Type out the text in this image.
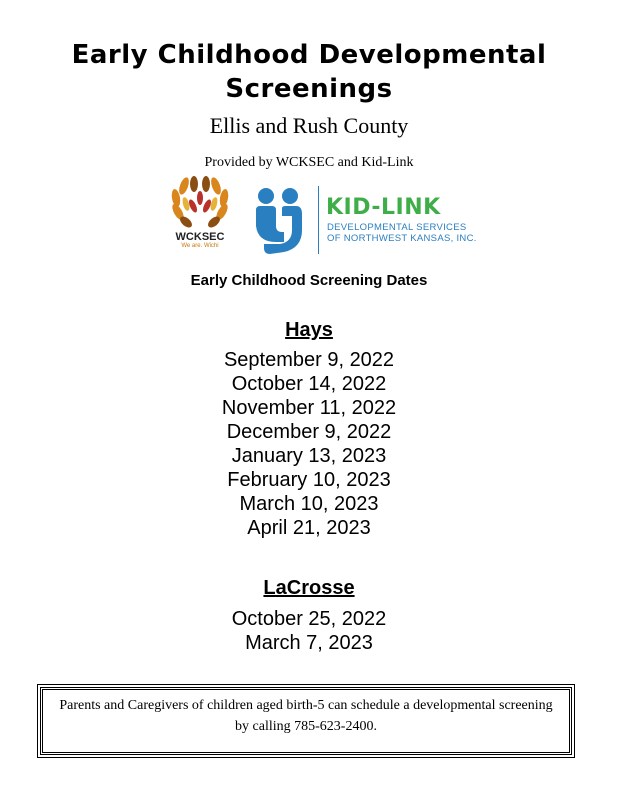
Early Childhood Developmental
Screenings
Ellis and Rush County
Provided by WCKSEC and Kid-Link
WCKSEC
We are. Wichi
KID-LINK
DEVELOPMENTAL SERVICES
OF NORTHWEST KANSAS, INC.
Early Childhood Screening Dates
Hays
September 9, 2022
October 14, 2022
November 11, 2022
December 9, 2022
January 13, 2023
February 10, 2023
March 10, 2023
April 21, 2023
LaCrosse
October 25, 2022
March 7, 2023
Parents and Caregivers of children aged birth-5 can schedule a developmental screening by calling 785-623-2400.
